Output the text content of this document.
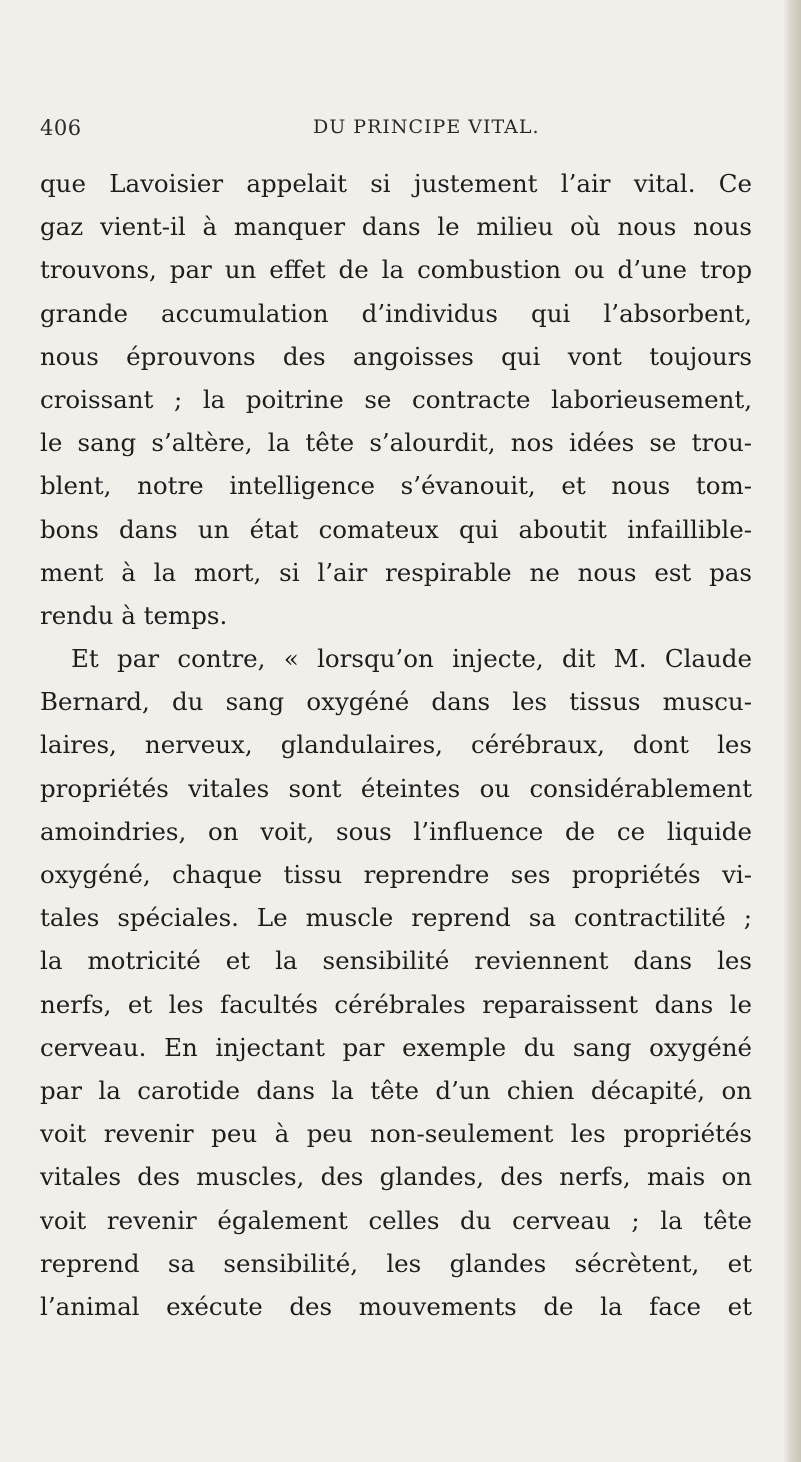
406	DU PRINCIPE VITAL.
que Lavoisier appelait si justement l’air vital. Ce
gaz vient-il à manquer dans le milieu où nous nous
trouvons, par un effet de la combustion ou d’une trop
grande accumulation d’individus qui l’absorbent,
nous éprouvons des angoisses qui vont toujours
croissant ; la poitrine se contracte laborieusement,
le sang s’altère, la tête s’alourdit, nos idées se trou-
blent, notre intelligence s’évanouit, et nous tom-
bons dans un état comateux qui aboutit infaillible-
ment à la mort, si l’air respirable ne nous est pas
rendu à temps.
Et par contre, « lorsqu’on injecte, dit M. Claude
Bernard, du sang oxygéné dans les tissus muscu-
laires, nerveux, glandulaires, cérébraux, dont les
propriétés vitales sont éteintes ou considérablement
amoindries, on voit, sous l’influence de ce liquide
oxygéné, chaque tissu reprendre ses propriétés vi-
tales spéciales. Le muscle reprend sa contractilité ;
la motricité et la sensibilité reviennent dans les
nerfs, et les facultés cérébrales reparaissent dans le
cerveau. En injectant par exemple du sang oxygéné
par la carotide dans la tête d’un chien décapité, on
voit revenir peu à peu non-seulement les propriétés
vitales des muscles, des glandes, des nerfs, mais on
voit revenir également celles du cerveau ; la tête
reprend sa sensibilité, les glandes sécrètent, et
l’animal exécute des mouvements de la face et
